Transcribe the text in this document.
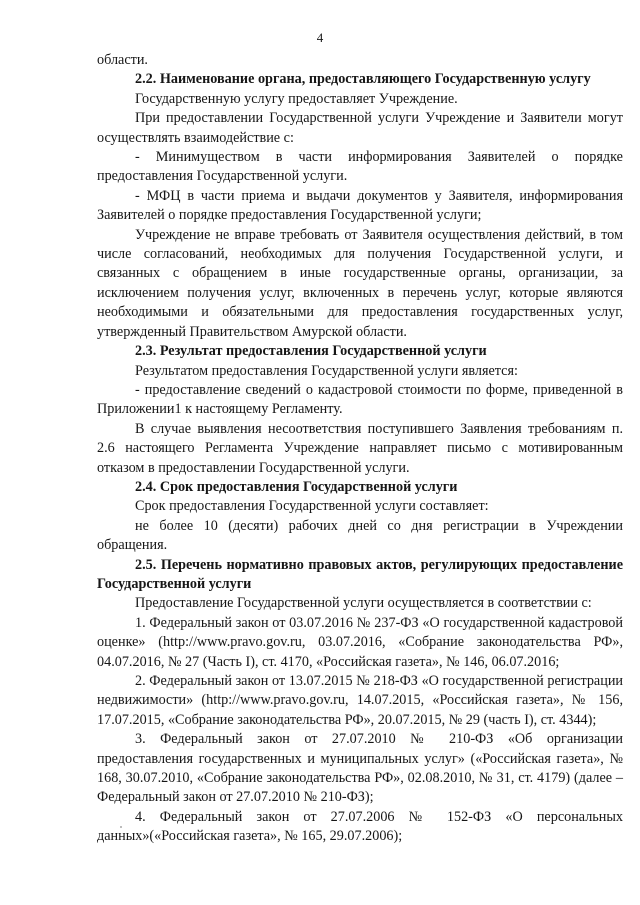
4

области.

2.2. Наименование органа, предоставляющего Государственную услугу

Государственную услугу предоставляет Учреждение.

При предоставлении Государственной услуги Учреждение и Заявители могут осуществлять взаимодействие с:

- Минимуществом в части информирования Заявителей о порядке предоставления Государственной услуги.

- МФЦ в части приема и выдачи документов у Заявителя, информирования Заявителей о порядке предоставления Государственной услуги;

Учреждение не вправе требовать от Заявителя осуществления действий, в том числе согласований, необходимых для получения Государственной услуги, и связанных с обращением в иные государственные органы, организации, за исключением получения услуг, включенных в перечень услуг, которые являются необходимыми и обязательными для предоставления государственных услуг, утвержденный Правительством Амурской области.

2.3. Результат предоставления Государственной услуги

Результатом предоставления Государственной услуги является:

- предоставление сведений о кадастровой стоимости по форме, приведенной в Приложении1 к настоящему Регламенту.

В случае выявления несоответствия поступившего Заявления требованиям п. 2.6 настоящего Регламента Учреждение направляет письмо с мотивированным отказом в предоставлении Государственной услуги.

2.4. Срок предоставления Государственной услуги

Срок предоставления Государственной услуги составляет:

не более 10 (десяти) рабочих дней со дня регистрации в Учреждении обращения.

2.5. Перечень нормативно правовых актов, регулирующих предоставление Государственной услуги

Предоставление Государственной услуги осуществляется в соответствии с:

1. Федеральный закон от 03.07.2016 № 237-ФЗ «О государственной кадастровой оценке» (http://www.pravo.gov.ru, 03.07.2016, «Собрание законодательства РФ», 04.07.2016, № 27 (Часть I), ст. 4170, «Российская газета», № 146, 06.07.2016;

2. Федеральный закон от 13.07.2015 № 218-ФЗ «О государственной регистрации недвижимости» (http://www.pravo.gov.ru, 14.07.2015, «Российская газета», № 156, 17.07.2015, «Собрание законодательства РФ», 20.07.2015, № 29 (часть I), ст. 4344);

3. Федеральный закон от 27.07.2010 № 210-ФЗ «Об организации предоставления государственных и муниципальных услуг» («Российская газета», № 168, 30.07.2010, «Собрание законодательства РФ», 02.08.2010, № 31, ст. 4179) (далее – Федеральный закон от 27.07.2010 № 210-ФЗ);

4. Федеральный закон от 27.07.2006 № 152-ФЗ «О персональных данных»(«Российская газета», № 165, 29.07.2006);
